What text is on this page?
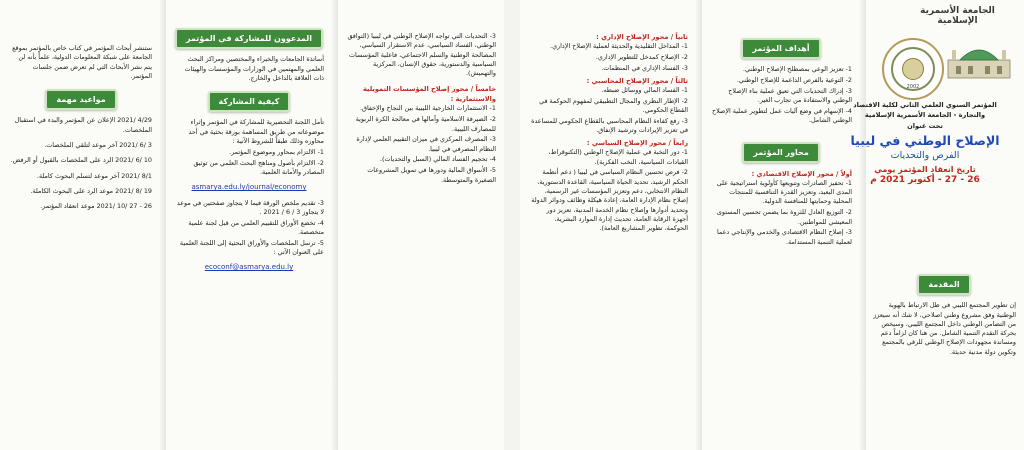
ستنشر أبحاث المؤتمر في كتاب خاص بالمؤتمر بموقع الجامعة على شبكة المعلومات الدولية، علماً بأنه لن يتم نشر الأبحاث التي لم تعرض ضمن جلسات المؤتمر.
مواعيد مهمة
4/29 /2021 الإعلان عن المؤتمر والبدء في استقبال الملخصات.
3 /6 /2021 آخر موعد لتلقي الملخصات.
10 /6 /2021 الرد على الملخصات بالقبول أو الرفض.
8/1 /2021 آخر موعد لتسلم البحوث كاملة.
19 /8 /2021 موعد الرد على البحوث الكاملة.
26 - 27 /10 /2021 موعد انعقاد المؤتمر.
المدعوون للمشاركة في المؤتمر
أساتذة الجامعات والخبراء والمختصين ومراكز البحث العلمي والمهتمين في الوزارات والمؤسسات والهيئات ذات العلاقة بالداخل والخارج.
كيفية المشاركة
تأمل اللجنة التحضيرية للمشاركة في المؤتمر وإثراء موضوعاته من طريق المساهمة بورقة بحثية في أحد محاوره وذلك طبقاً للشروط الآتية :
1- الالتزام بمحاور وموضوع المؤتمر.
2- الالتزام بأصول ومناهج البحث العلمي من توثيق المصادر والأمانة العلمية.
asmarya.edu.ly/journal/economy
3- تقديم ملخص الورقة فيما لا يتجاوز صفحتين في موعد لا يتجاوز 3 / 6 / 2021 .
4- تخضع الأوراق للتقييم العلمي من قبل لجنة علمية متخصصة.
5- ترسل الملخصات والأوراق البحثية إلى اللجنة العلمية على العنوان الآتي :
ecoconf@asmarya.edu.ly
3- التحديات التي تواجه الإصلاح الوطني في ليبيا (التوافق الوطني، الفساد السياسي، عدم الاستقرار السياسي، المصالحة الوطنية والسلم الاجتماعي، فاعلية المؤسسات السياسية والدستورية، حقوق الإنسان، المركزية والتهميش).
خامساً / محور إصلاح المؤسسات التمويلية والاستثمارية :
1- الاستثمارات الخارجية الليبية بين النجاح والإخفاق.
2- الصيرفة الاسلامية وآمالها في معالجة الكرة الربوية للمصارف الليبية.
3- المصرف المركزي في ميزان التقييم العلمي لإدارة النظام المصرفي في ليبيا.
4- تحجيم الفساد المالي (السبل والتحديات).
5- الأسواق المالية ودورها في تمويل المشروعات الصغيرة والمتوسطة.
ثانياً / محور الإصلاح الإداري :
1- المداخل التقليدية والحديثة لعملية الإصلاح الإداري.
2- الإصلاح كمدخل للتطوير الإداري.
3- الفساد الإداري في المنظمات.
ثالثاً / محور الإصلاح المحاسبي :
1- الفساد المالي ووسائل ضبطه.
2- الإطار النظري والمجال التطبيقي لمفهوم الحوكمة في القطاع الحكومي.
3- رفع كفاءة النظام المحاسبي بالقطاع الحكومي للمساعدة في تعزيز الإيرادات وترشيد الإنفاق.
رابعاً / محور الإصلاح السياسي :
1- دور النخبة في عملية الإصلاح الوطني (التكنوقراط، القيادات السياسية، النخب الفكرية).
2- فرص تحسين النظام السياسي في ليبيا ( دعم أنظمة الحكم الرشيد، تحديد الحياة السياسية، القاعدة الدستورية، النظام الانتخابي، دعم وتعزيز المؤسسات غير الرسمية، إصلاح نظام الإدارة العامة، إعادة هيكلة وظائف ودوائر الدولة وتحديد أدوارها وإصلاح نظام الخدمة المدنية، تعزيز دور أجهزة الرقابة العامة، تحديث إدارة الموارد البشرية، الحوكمة، تطوير المشاريع العامة).
أهداف المؤتمر
1- تعزيز الوعي بمصطلح الإصلاح الوطني.
2- التوعية بالفرص الداعمة للإصلاح الوطني.
3- إدراك التحديات التي تعيق عملية بناء الإصلاح الوطني والاستفادة من تجارب الغير.
4- الإسهام في وضع آليات عمل لتطوير عملية الإصلاح الوطني الشامل.
محاور المؤتمر
أولاً / محور الإصلاح الاقتصادي :
1- تحفيز الصادرات وتنويعها كأولوية استراتيجية على المدى البعيد، وتعزيز القدرة التنافسية للمنتجات المحلية وحمايتها للمنافسة الدولية.
2- التوزيع العادل للثروة بما يضمن تحسين المستوى المعيشي للمواطنين.
3- إصلاح النظام الاقتصادي والخدمي والإنتاجي دعما لعملية التنمية المستدامة.
2002
الجامعة الأسمرية الإسلامية
المؤتمر السنوي العلمي الثاني لكلية الاقتصاد
والتجارة - الجامعة الأسمرية الإسلامية
تحت عنوان
الإصلاح الوطني في ليبيا
الفرص والتحديات
تاريخ انعقاد المؤتمر يومي
26 - 27 - أكتوبر 2021 م
المقدمة
إن تطوير المجتمع الليبي في ظل الارتباط بالهوية الوطنية وفق مشروع وطني اصلاحي، لا شك أنه سيعزز من التضامن الوطني داخل المجتمع الليبي، وسيخص بحركة التقدم التنمية الشامل. من هنا كان لزاماً دعم ومساندة مجهودات الإصلاح الوطني للرقي بالمجتمع وتكوين دولة مدنية حديثة.
